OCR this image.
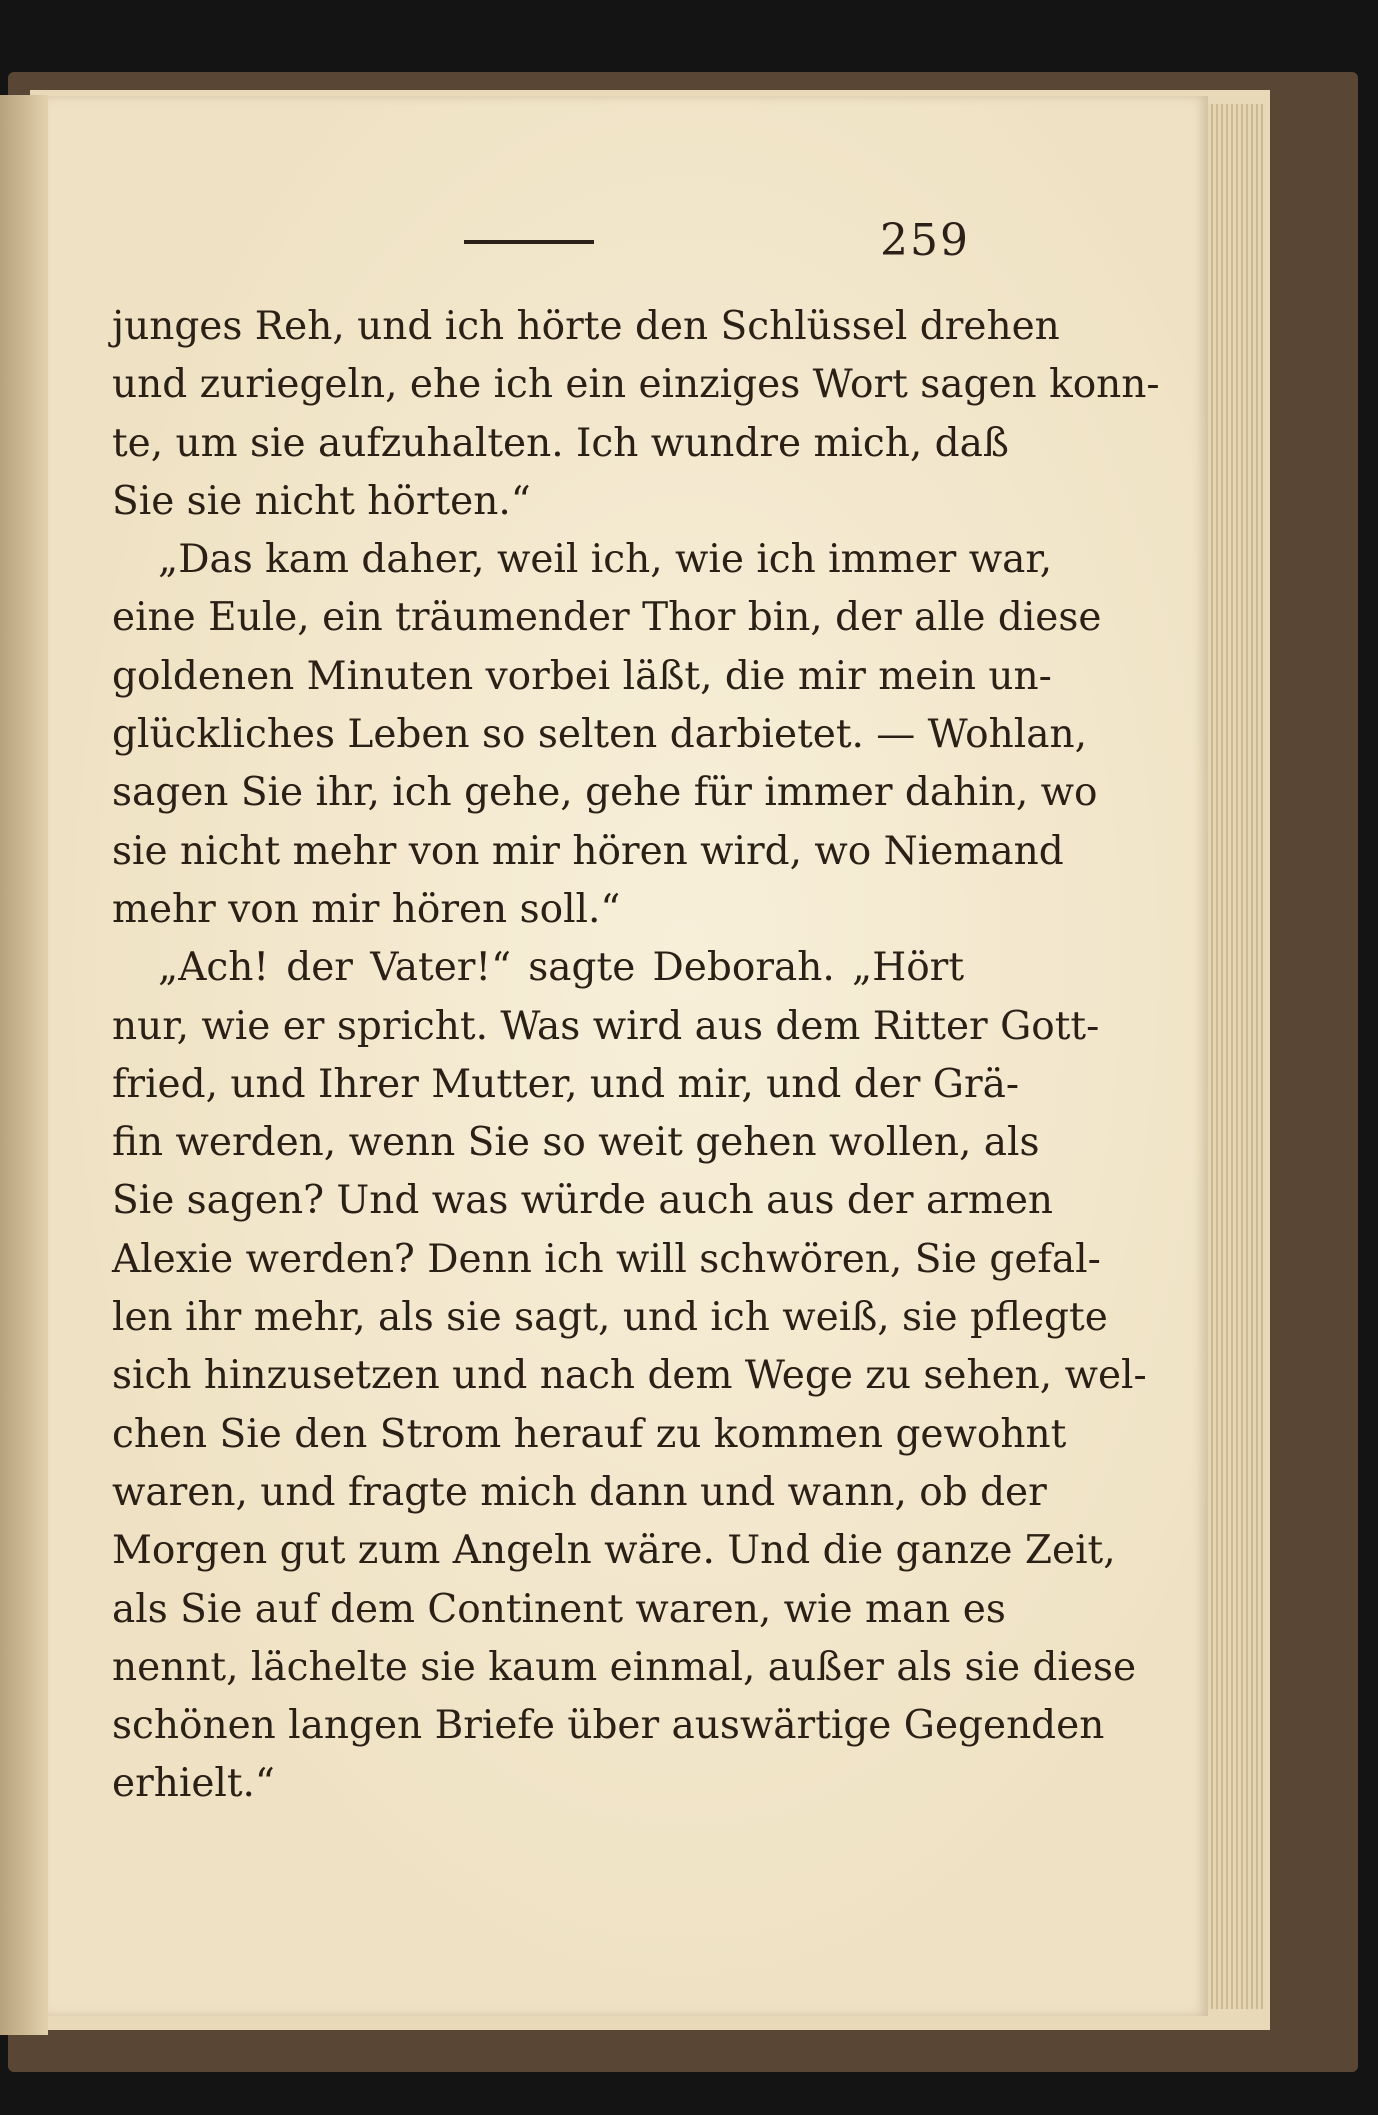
259
junges Reh, und ich hörte den Schlüssel drehen
und zuriegeln, ehe ich ein einziges Wort sagen konn-
te, um sie aufzuhalten. Ich wundre mich, daß
Sie sie nicht hörten.“
„Das kam daher, weil ich, wie ich immer war,
eine Eule, ein träumender Thor bin, der alle diese
goldenen Minuten vorbei läßt, die mir mein un-
glückliches Leben so selten darbietet. — Wohlan,
sagen Sie ihr, ich gehe, gehe für immer dahin, wo
sie nicht mehr von mir hören wird, wo Niemand
mehr von mir hören soll.“
„Ach! der Vater!“ sagte Deborah. „Hört
nur, wie er spricht. Was wird aus dem Ritter Gott-
fried, und Ihrer Mutter, und mir, und der Grä-
fin werden, wenn Sie so weit gehen wollen, als
Sie sagen? Und was würde auch aus der armen
Alexie werden? Denn ich will schwören, Sie gefal-
len ihr mehr, als sie sagt, und ich weiß, sie pflegte
sich hinzusetzen und nach dem Wege zu sehen, wel-
chen Sie den Strom herauf zu kommen gewohnt
waren, und fragte mich dann und wann, ob der
Morgen gut zum Angeln wäre. Und die ganze Zeit,
als Sie auf dem Continent waren, wie man es
nennt, lächelte sie kaum einmal, außer als sie diese
schönen langen Briefe über auswärtige Gegenden
erhielt.“
